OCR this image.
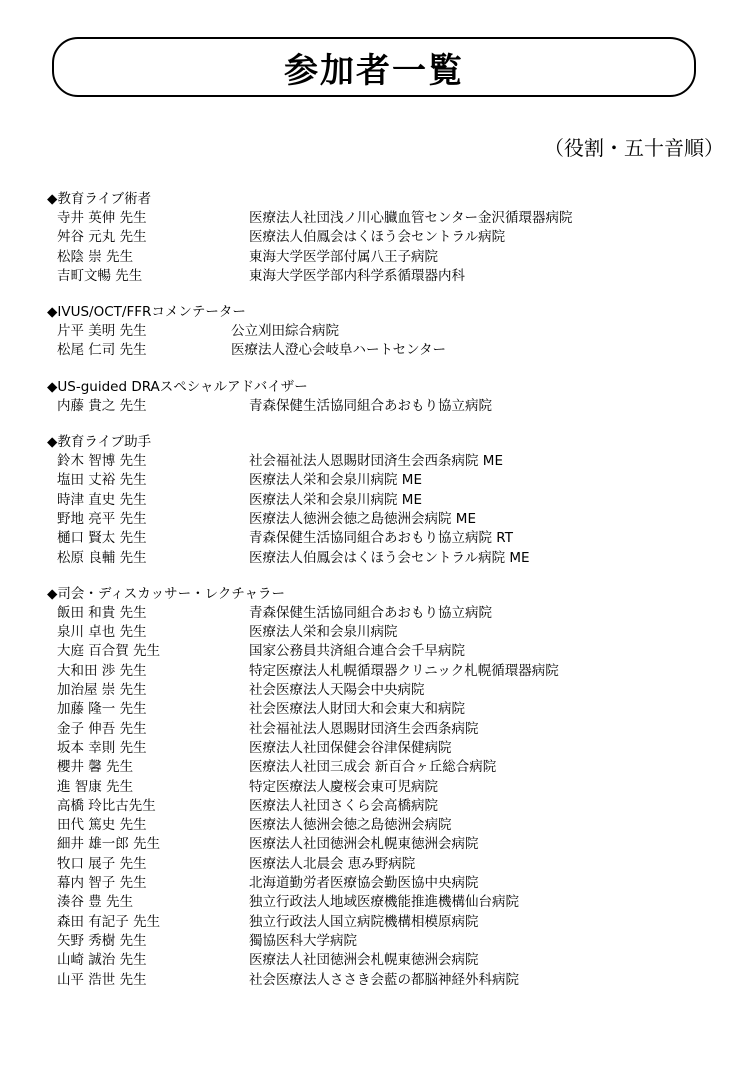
参加者一覧
（役割・五十音順）
◆教育ライブ術者
寺井 英伸 先生	医療法人社団浅ノ川心臓血管センター金沢循環器病院
舛谷 元丸 先生	医療法人伯鳳会はくほう会セントラル病院
松陰 崇 先生	東海大学医学部付属八王子病院
吉町文暢 先生	東海大学医学部内科学系循環器内科
◆IVUS/OCT/FFRコメンテーター
片平 美明 先生	公立刈田綜合病院
松尾 仁司 先生	医療法人澄心会岐阜ハートセンター
◆US-guided DRAスペシャルアドバイザー
内藤 貴之 先生	青森保健生活協同組合あおもり協立病院
◆教育ライブ助手
鈴木 智博 先生	社会福祉法人恩賜財団済生会西条病院 ME
塩田 丈裕 先生	医療法人栄和会泉川病院 ME
時津 直史 先生	医療法人栄和会泉川病院 ME
野地 亮平 先生	医療法人徳洲会徳之島徳洲会病院 ME
樋口 賢太 先生	青森保健生活協同組合あおもり協立病院 RT
松原 良輔 先生	医療法人伯鳳会はくほう会セントラル病院 ME
◆司会・ディスカッサー・レクチャラー
飯田 和貴 先生	青森保健生活協同組合あおもり協立病院
泉川 卓也 先生	医療法人栄和会泉川病院
大庭 百合賀 先生	国家公務員共済組合連合会千早病院
大和田 渉 先生	特定医療法人札幌循環器クリニック札幌循環器病院
加治屋 崇 先生	社会医療法人天陽会中央病院
加藤 隆一 先生	社会医療法人財団大和会東大和病院
金子 伸吾 先生	社会福祉法人恩賜財団済生会西条病院
坂本 幸則 先生	医療法人社団保健会谷津保健病院
櫻井 馨 先生	医療法人社団三成会 新百合ヶ丘総合病院
進 智康 先生	特定医療法人慶桜会東可児病院
高橋 玲比古先生	医療法人社団さくら会高橋病院
田代 篤史 先生	医療法人徳洲会徳之島徳洲会病院
細井 雄一郎 先生	医療法人社団徳洲会札幌東徳洲会病院
牧口 展子 先生	医療法人北晨会 恵み野病院
幕内 智子 先生	北海道勤労者医療協会勤医協中央病院
湊谷 豊 先生	独立行政法人地域医療機能推進機構仙台病院
森田 有記子 先生	独立行政法人国立病院機構相模原病院
矢野 秀樹 先生	獨協医科大学病院
山崎 誠治 先生	医療法人社団徳洲会札幌東徳洲会病院
山平 浩世 先生	社会医療法人ささき会藍の都脳神経外科病院
